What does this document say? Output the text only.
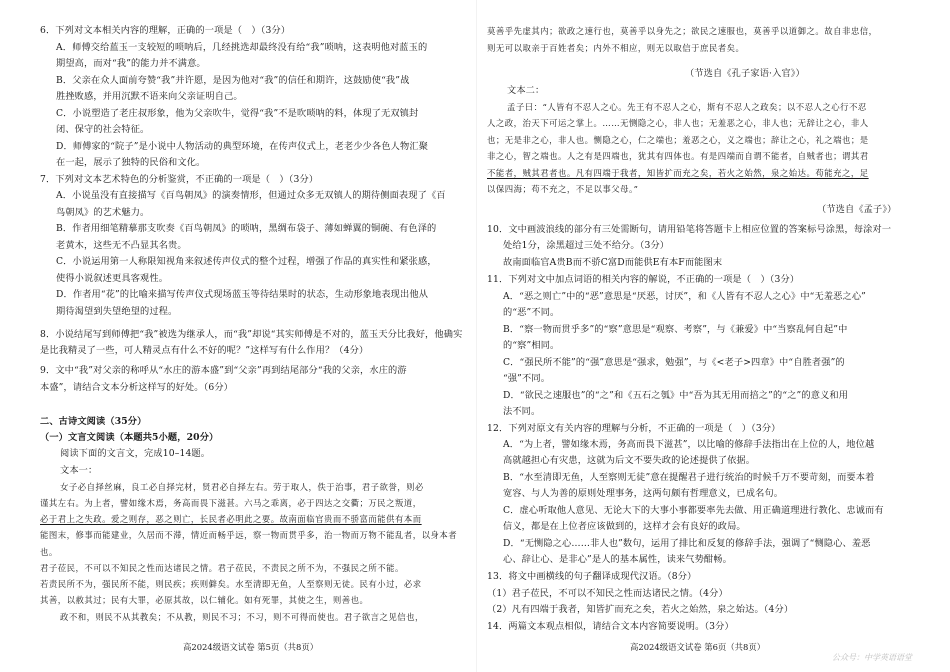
6．下列对文本相关内容的理解，正确的一项是（　）（3分）
A．师傅交给蓝玉一支较短的唢呐后，几经挑选却最终没有给“我”唢呐，这表明他对蓝玉的
期望高，而对“我”的能力并不满意。
B．父亲在众人面前夸赞“我”并许愿，是因为他对“我”的信任和期许，这鼓励使“我”战
胜挫败感，并用沉默不语来向父亲证明自己。
C．小说塑造了老庄叔形象，他为父亲吹牛，觉得“我”不是吹唢呐的料，体现了无双镇封
闭、保守的社会特征。
D．师傅家的“院子”是小说中人物活动的典型环境，在传声仪式上，老老少少各色人物汇聚
在一起，展示了独特的民俗和文化。
7．下列对文本艺术特色的分析鉴赏，不正确的一项是（　）（3分）
A．小说虽没有直接描写《百鸟朝凤》的演奏情形，但通过众多无双镇人的期待侧面表现了《百
鸟朝凤》的艺术魅力。
B．作者用细笔精摹那支吹奏《百鸟朝凤》的唢呐，黑绸布袋子、薄如蝉翼的铜碗、有色泽的
老黄木，这些无不凸显其名贵。
C．小说运用第一人称限知视角来叙述传声仪式的整个过程，增强了作品的真实性和紧张感，
使得小说叙述更具客观性。
D．作者用“花”的比喻来描写传声仪式现场蓝玉等待结果时的状态，生动形象地表现出他从
期待渴望到失望绝望的过程。
8．小说结尾写到师傅把“我”被选为继承人，而“我”却说“其实师傅是不对的，蓝玉天分比我好，他确实
是比我精灵了一些，可人精灵点有什么不好的呢？”这样写有什么作用？（4分）
9．文中“我”对父亲的称呼从“水庄的游本盛”到“父亲”再到结尾部分“我的父亲，水庄的游
本盛”，请结合文本分析这样写的好处。（6分）
二、古诗文阅读（35分）
（一）文言文阅读（本题共5小题，20分）
阅读下面的文言文，完成10–14题。
文本一：
女子必自择丝麻，良工必自择完材，贤君必自择左右。劳于取人，佚于治事，君子欲誉，则必
谨其左右。为上者，譬如缘木焉，务高而畏下滋甚。六马之乖离，必于四达之交衢；万民之叛道，
必于君上之失政。爱之则存，恶之则亡，长民者必明此之要。故南面临官贵而不骄富而能供有本而
能图末，修事而能建业，久居而不滞，情近而畅乎远，察一物而贯乎多，治一物而万物不能乱者，以身本者
也。
君子莅民，不可以不知民之性而达诸民之情。君子莅民，不责民之所不为，不强民之所不能。
若责民所不为，强民所不能，则民疾；疾则僻矣。水至清即无鱼，人至察则无徒。民有小过，必求
其善，以赦其过；民有大罪，必原其故，以仁辅化。如有死罪，其使之生，则善也。
政不和，则民不从其教矣；不从教，则民不习；不习，则不可得而使也。君子欲言之见信也，
莫善乎先虚其内；欲政之速行也，莫善乎以身先之；欲民之速服也，莫善乎以道御之。故自非忠信，
则无可以取亲于百姓者矣；内外不相应，则无以取信于庶民者矣。
（节选自《孔子家语·入官》）
文本二：
孟子曰：“人皆有不忍人之心。先王有不忍人之心，斯有不忍人之政矣；以不忍人之心行不忍
人之政，治天下可运之掌上。……无恻隐之心，非人也；无羞恶之心，非人也；无辞让之心，非人
也；无是非之心，非人也。恻隐之心，仁之端也；羞恶之心，义之端也；辞让之心，礼之端也；是
非之心，智之端也。人之有是四端也，犹其有四体也。有是四端而自谓不能者，自贼者也；谓其君
不能者，贼其君者也。凡有四端于我者，知皆扩而充之矣，若火之始然，泉之始达。苟能充之，足
以保四海；苟不充之，不足以事父母。”
（节选自《孟子》）
10．文中画波浪线的部分有三处需断句，请用铅笔将答题卡上相应位置的答案标号涂黑，每涂对一
处给1分，涂黑超过三处不给分。（3分）
故南面临官A贵B而不骄C富D而能供E有本F而能图末
11．下列对文中加点词语的相关内容的解说，不正确的一项是（　）（3分）
A．“恶之则亡”中的“恶”意思是“厌恶，讨厌”，和《人皆有不忍人之心》中“无羞恶之心”
的“恶”不同。
B．“察一物而贯乎多”的“察”意思是“观察、考察”，与《兼爱》中“当察乱何自起”中
的“察”相同。
C．“强民所不能”的“强”意思是“强求，勉强”，与《<老子>四章》中“自胜者强”的
“强”不同。
D．“欲民之速服也”的“之”和《五石之瓠》中“吾为其无用而掊之”的“之”的意义和用
法不同。
12．下列对原文有关内容的理解与分析，不正确的一项是（　）（3分）
A．“为上者，譬如缘木焉，务高而畏下滋甚”，以比喻的修辞手法指出在上位的人，地位越
高就越担心有灾患，这就为后文不要失政的论述提供了依据。
B．“水至清即无鱼，人至察则无徒”意在提醒君子进行统治的时候千万不要苛刻，而要本着
宽容、与人为善的原则处理事务，这两句颇有哲理意义，已成名句。
C．虚心听取他人意见、无论大下的大事小事都要率先去做、用正确道理进行教化、忠诚而有
信义，都是在上位者应该做到的，这样才会有良好的政局。
D．“无恻隐之心……非人也”数句，运用了排比和反复的修辞手法，强调了“恻隐心、羞恶
心、辞让心、是非心”是人的基本属性，读来气势酣畅。
13．将文中画横线的句子翻译成现代汉语。（8分）
（1）君子莅民，不可以不知民之性而达诸民之情。（4分）
（2）凡有四端于我者，知皆扩而充之矣，若火之始然，泉之始达。（4分）
14．两篇文本观点相似，请结合文本内容简要说明。（3分）
高2024级语文试卷 第5页（共8页）	高2024级语文试卷 第6页（共8页）
公众号：中学英语语堂
